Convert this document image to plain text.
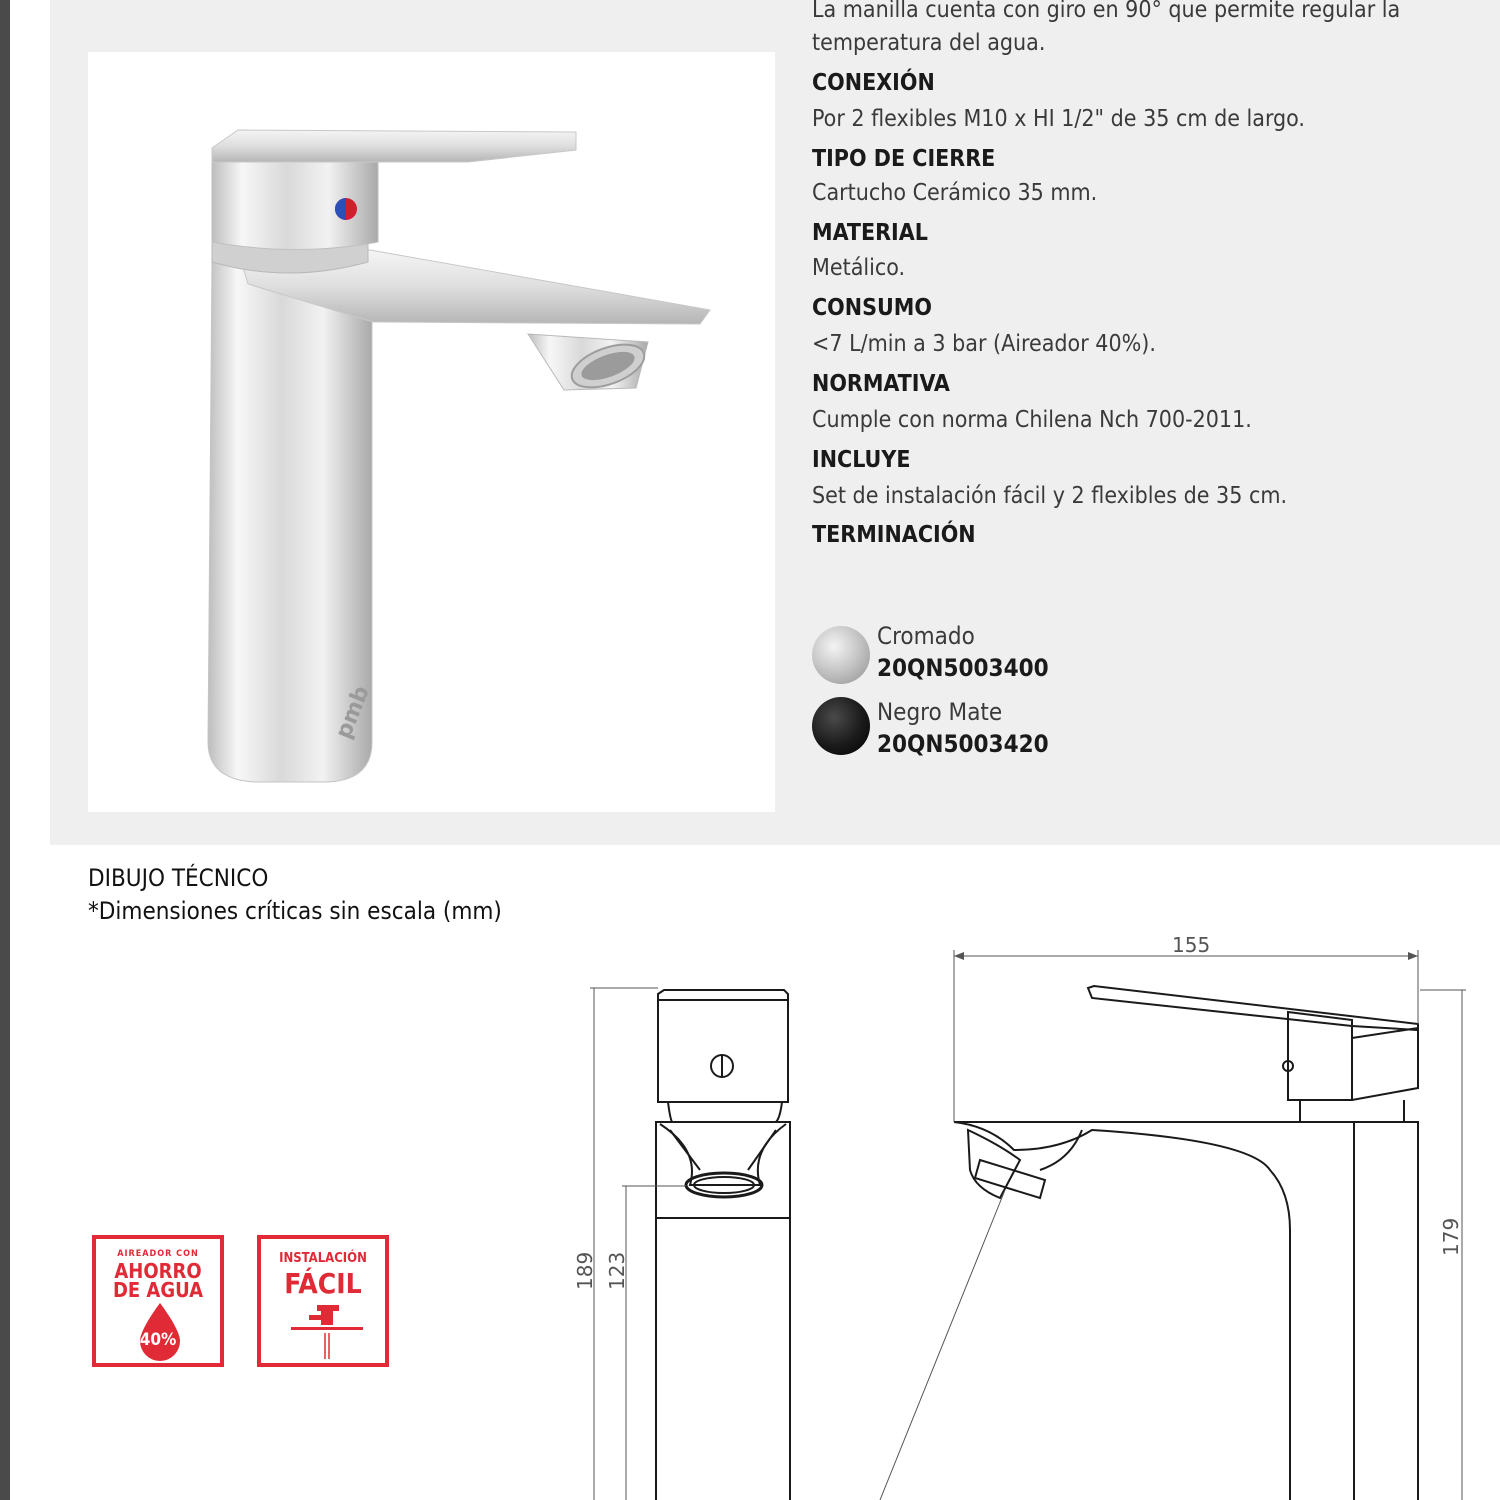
pmb
La manilla cuenta con giro en 90° que permite regular la
temperatura del agua.
CONEXIÓN
Por 2 flexibles M10 x HI 1/2" de 35 cm de largo.
TIPO DE CIERRE
Cartucho Cerámico 35 mm.
MATERIAL
Metálico.
CONSUMO
<7 L/min a 3 bar (Aireador 40%).
NORMATIVA
Cumple con norma Chilena Nch 700-2011.
INCLUYE
Set de instalación fácil y 2 flexibles de 35 cm.
TERMINACIÓN
Cromado
20QN5003400
Negro Mate
20QN5003420
DIBUJO TÉCNICO
*Dimensiones críticas sin escala (mm)
AIREADOR CON
AHORRO
DE AGUA
40%
INSTALACIÓN
FÁCIL	189 123
155
179
